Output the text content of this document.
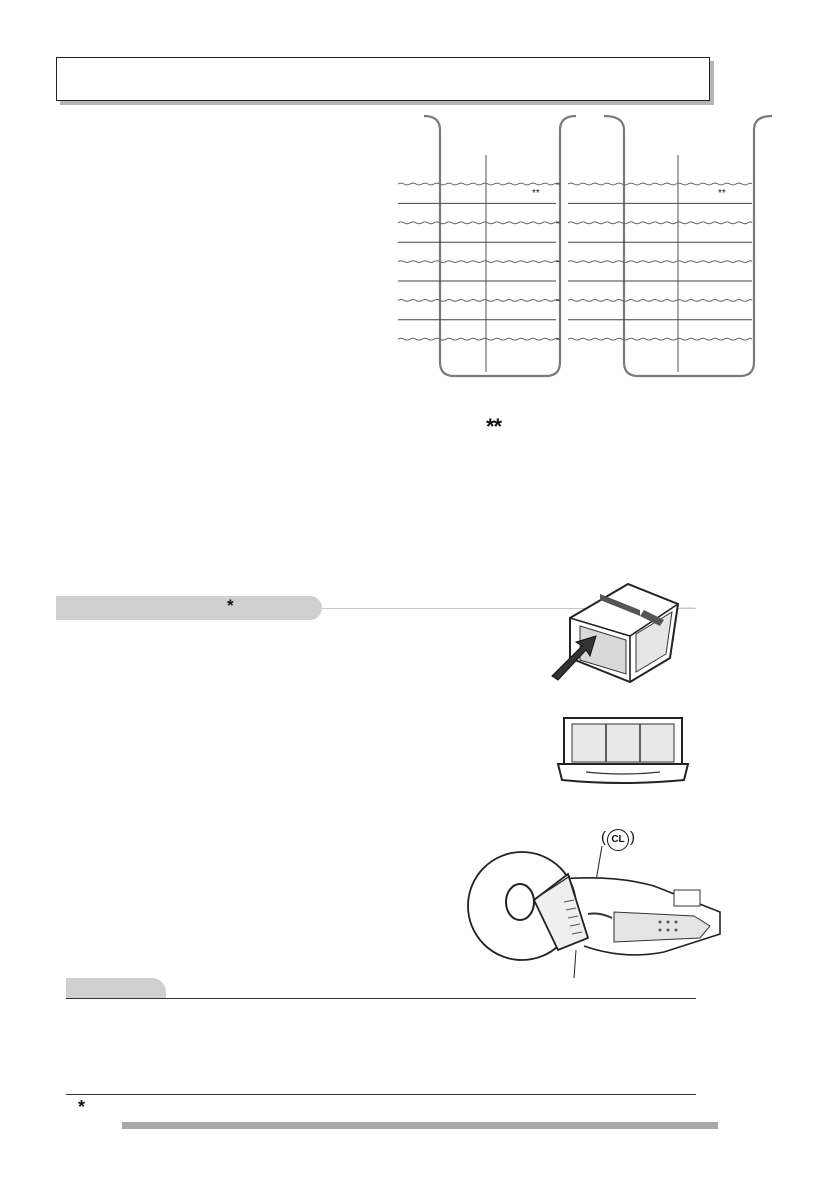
**	**
**
*
( CL )
*
